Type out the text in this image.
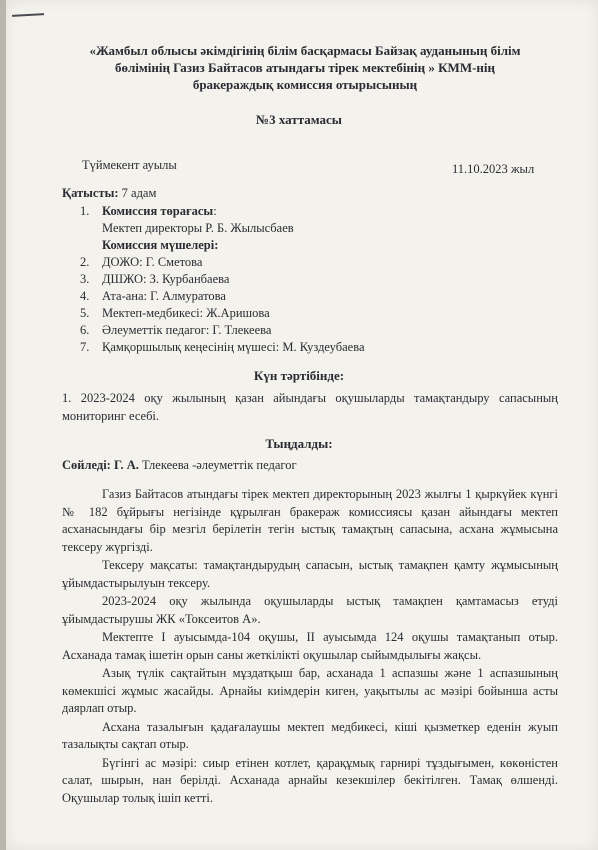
«Жамбыл облысы әкімдігінің білім басқармасы Байзақ ауданының білім
бөлімінің Газиз Байтасов атындағы тірек мектебінің » КММ-нің
бракераждық комиссия отырысының
№3 хаттамасы
Түймекент ауылы	11.10.2023 жыл
Қатысты: 7 адам
1. Комиссия төрағасы:
Мектеп директоры Р. Б. Жылысбаев
Комиссия мүшелері:
2. ДОЖО: Г. Сметова
3. ДШЖО: З. Курбанбаева
4. Ата-ана: Г. Алмуратова
5. Мектеп-медбикесі: Ж.Аришова
6. Әлеуметтік педагог: Г. Тлекеева
7. Қамқоршылық кеңесінің мүшесі: М. Куздеубаева
Күн тәртібінде:
1. 2023-2024 оқу жылының қазан айындағы оқушыларды тамақтандыру сапасының мониторинг есебі.
Тыңдалды:
Сөйледі: Г. А. Тлекеева -әлеуметтік педагог

Газиз Байтасов атындағы тірек мектеп директорының 2023 жылғы 1 қыркүйек күнгі № 182 бұйрығы негізінде құрылған бракераж комиссиясы қазан айындағы мектеп асханасындағы бір мезгіл берілетін тегін ыстық тамақтың сапасына, асхана жұмысына тексеру жүргізді.

Тексеру мақсаты: тамақтандырудың сапасын, ыстық тамақпен қамту жұмысының ұйымдастырылуын тексеру.

2023-2024 оқу жылында оқушыларды ыстық тамақпен қамтамасыз етуді ұйымдастырушы ЖК «Токсеитов А».

Мектепте І ауысымда-104 оқушы, ІІ ауысымда 124 оқушы тамақтанып отыр. Асханада тамақ ішетін орын саны жеткілікті оқушылар сыйымдылығы жақсы.

Азық түлік сақтайтын мұздатқыш бар, асханада 1 аспазшы және 1 аспазшының көмекшісі жұмыс жасайды. Арнайы киімдерін киген, уақытылы ас мәзірі бойынша асты даярлап отыр.

Асхана тазалығын қадағалаушы мектеп медбикесі, кіші қызметкер еденін жуып тазалықты сақтап отыр.

Бүгінгі ас мәзірі: сиыр етінен котлет, қарақұмық гарнирі тұздығымен, көкөністен салат, шырын, нан берілді. Асханада арнайы кезекшілер бекітілген. Тамақ өлшенді. Оқушылар толық ішіп кетті.
